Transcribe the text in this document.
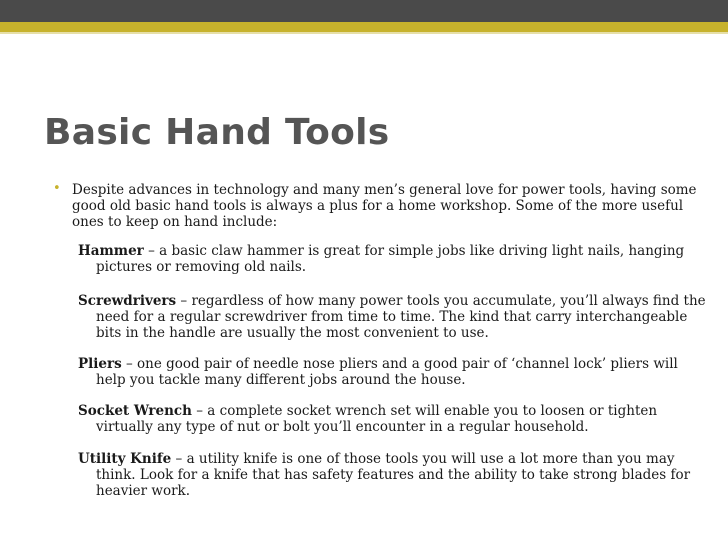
Basic Hand Tools
• Despite advances in technology and many men’s general love for power tools, having some good old basic hand tools is always a plus for a home workshop. Some of the more useful ones to keep on hand include:
Hammer – a basic claw hammer is great for simple jobs like driving light nails, hanging pictures or removing old nails.
Screwdrivers – regardless of how many power tools you accumulate, you’ll always find the need for a regular screwdriver from time to time. The kind that carry interchangeable bits in the handle are usually the most convenient to use.
Pliers – one good pair of needle nose pliers and a good pair of ‘channel lock’ pliers will help you tackle many different jobs around the house.
Socket Wrench – a complete socket wrench set will enable you to loosen or tighten virtually any type of nut or bolt you’ll encounter in a regular household.
Utility Knife – a utility knife is one of those tools you will use a lot more than you may think. Look for a knife that has safety features and the ability to take strong blades for heavier work.
